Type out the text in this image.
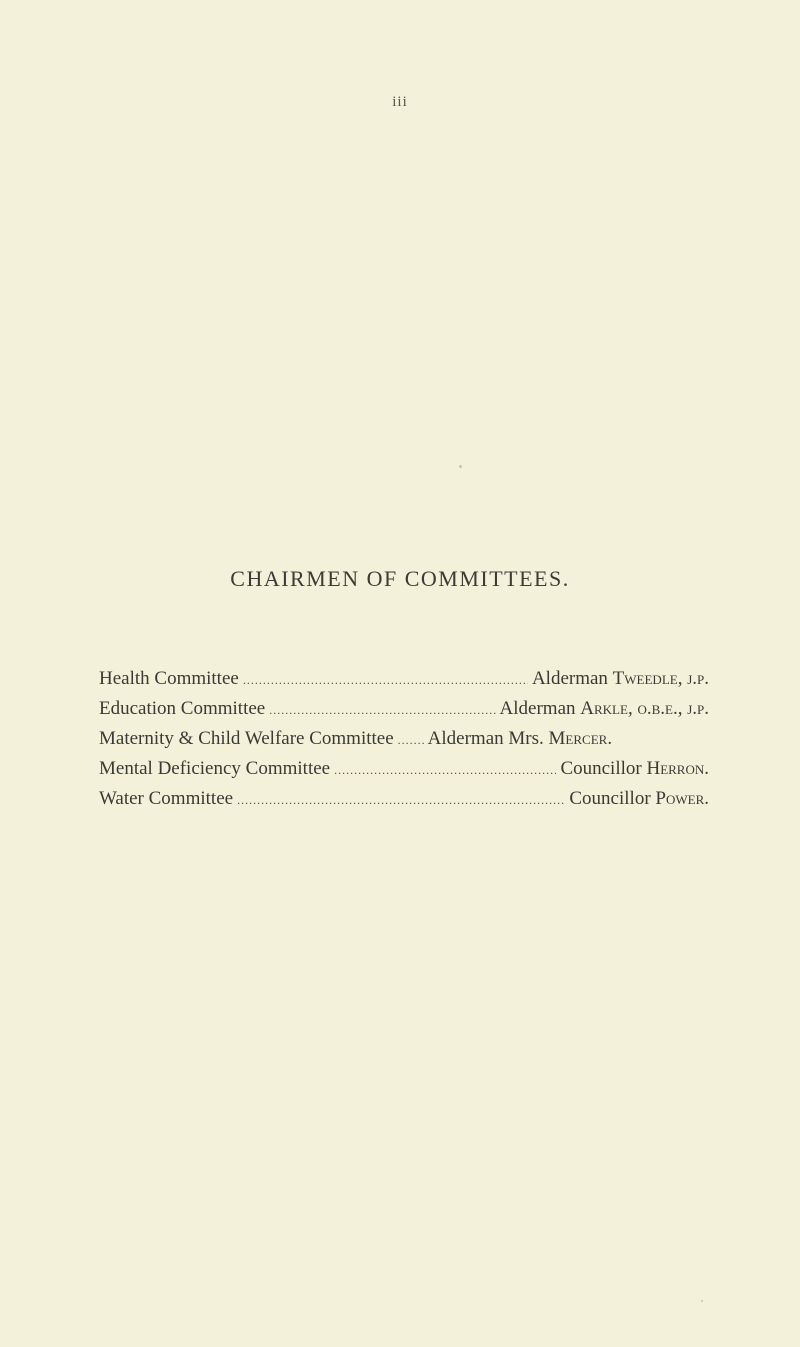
iii
CHAIRMEN OF COMMITTEES.
Health Committee .....	Alderman Tweedle, j.p.
Education Committee .....	Alderman Arkle, o.b.e., j.p.
Maternity & Child Welfare Committee ..... Alderman Mrs. Mercer.
Mental Deficiency Committee .....	Councillor Herron.
Water Committee .....	Councillor Power.
